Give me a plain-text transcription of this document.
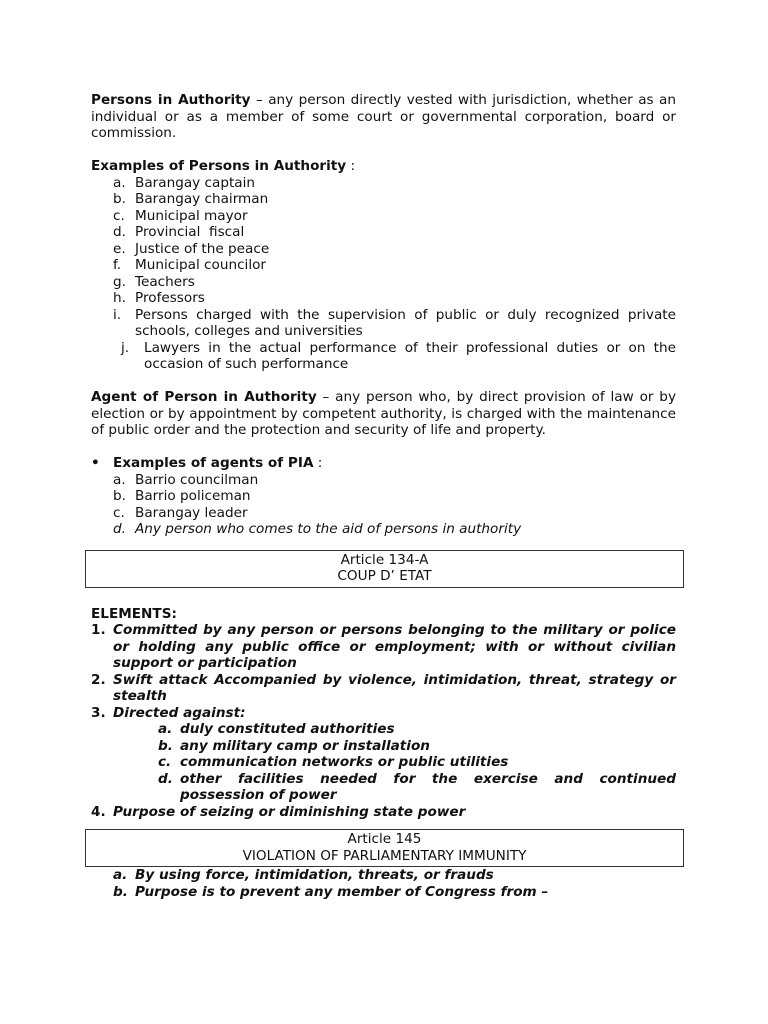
Persons in Authority – any person directly vested with jurisdiction, whether as an individual or as a member of some court or governmental corporation, board or commission.

Examples of Persons in Authority :

a. Barangay captain
b. Barangay chairman
c. Municipal mayor
d. Provincial  fiscal
e. Justice of the peace
f. Municipal councilor
g. Teachers
h. Professors
i. Persons charged with the supervision of public or duly recognized private schools, colleges and universities
j. Lawyers in the actual performance of their professional duties or on the occasion of such performance

Agent of Person in Authority – any person who, by direct provision of law or by election or by appointment by competent authority, is charged with the maintenance of public order and the protection and security of life and property.

• Examples of agents of PIA :
a. Barrio councilman
b. Barrio policeman
c. Barangay leader
d. Any person who comes to the aid of persons in authority
Article 134-A
COUP D’ ETAT
ELEMENTS:
1. Committed by any person or persons belonging to the military or police or holding any public office or employment; with or without civilian support or participation
2. Swift attack Accompanied by violence, intimidation, threat, strategy or stealth
3. Directed against:
a. duly constituted authorities
b. any military camp or installation
c. communication networks or public utilities
d. other facilities needed for the exercise and continued possession of power
4. Purpose of seizing or diminishing state power
Article 145
VIOLATION OF PARLIAMENTARY IMMUNITY
a. By using force, intimidation, threats, or frauds
b. Purpose is to prevent any member of Congress from –
